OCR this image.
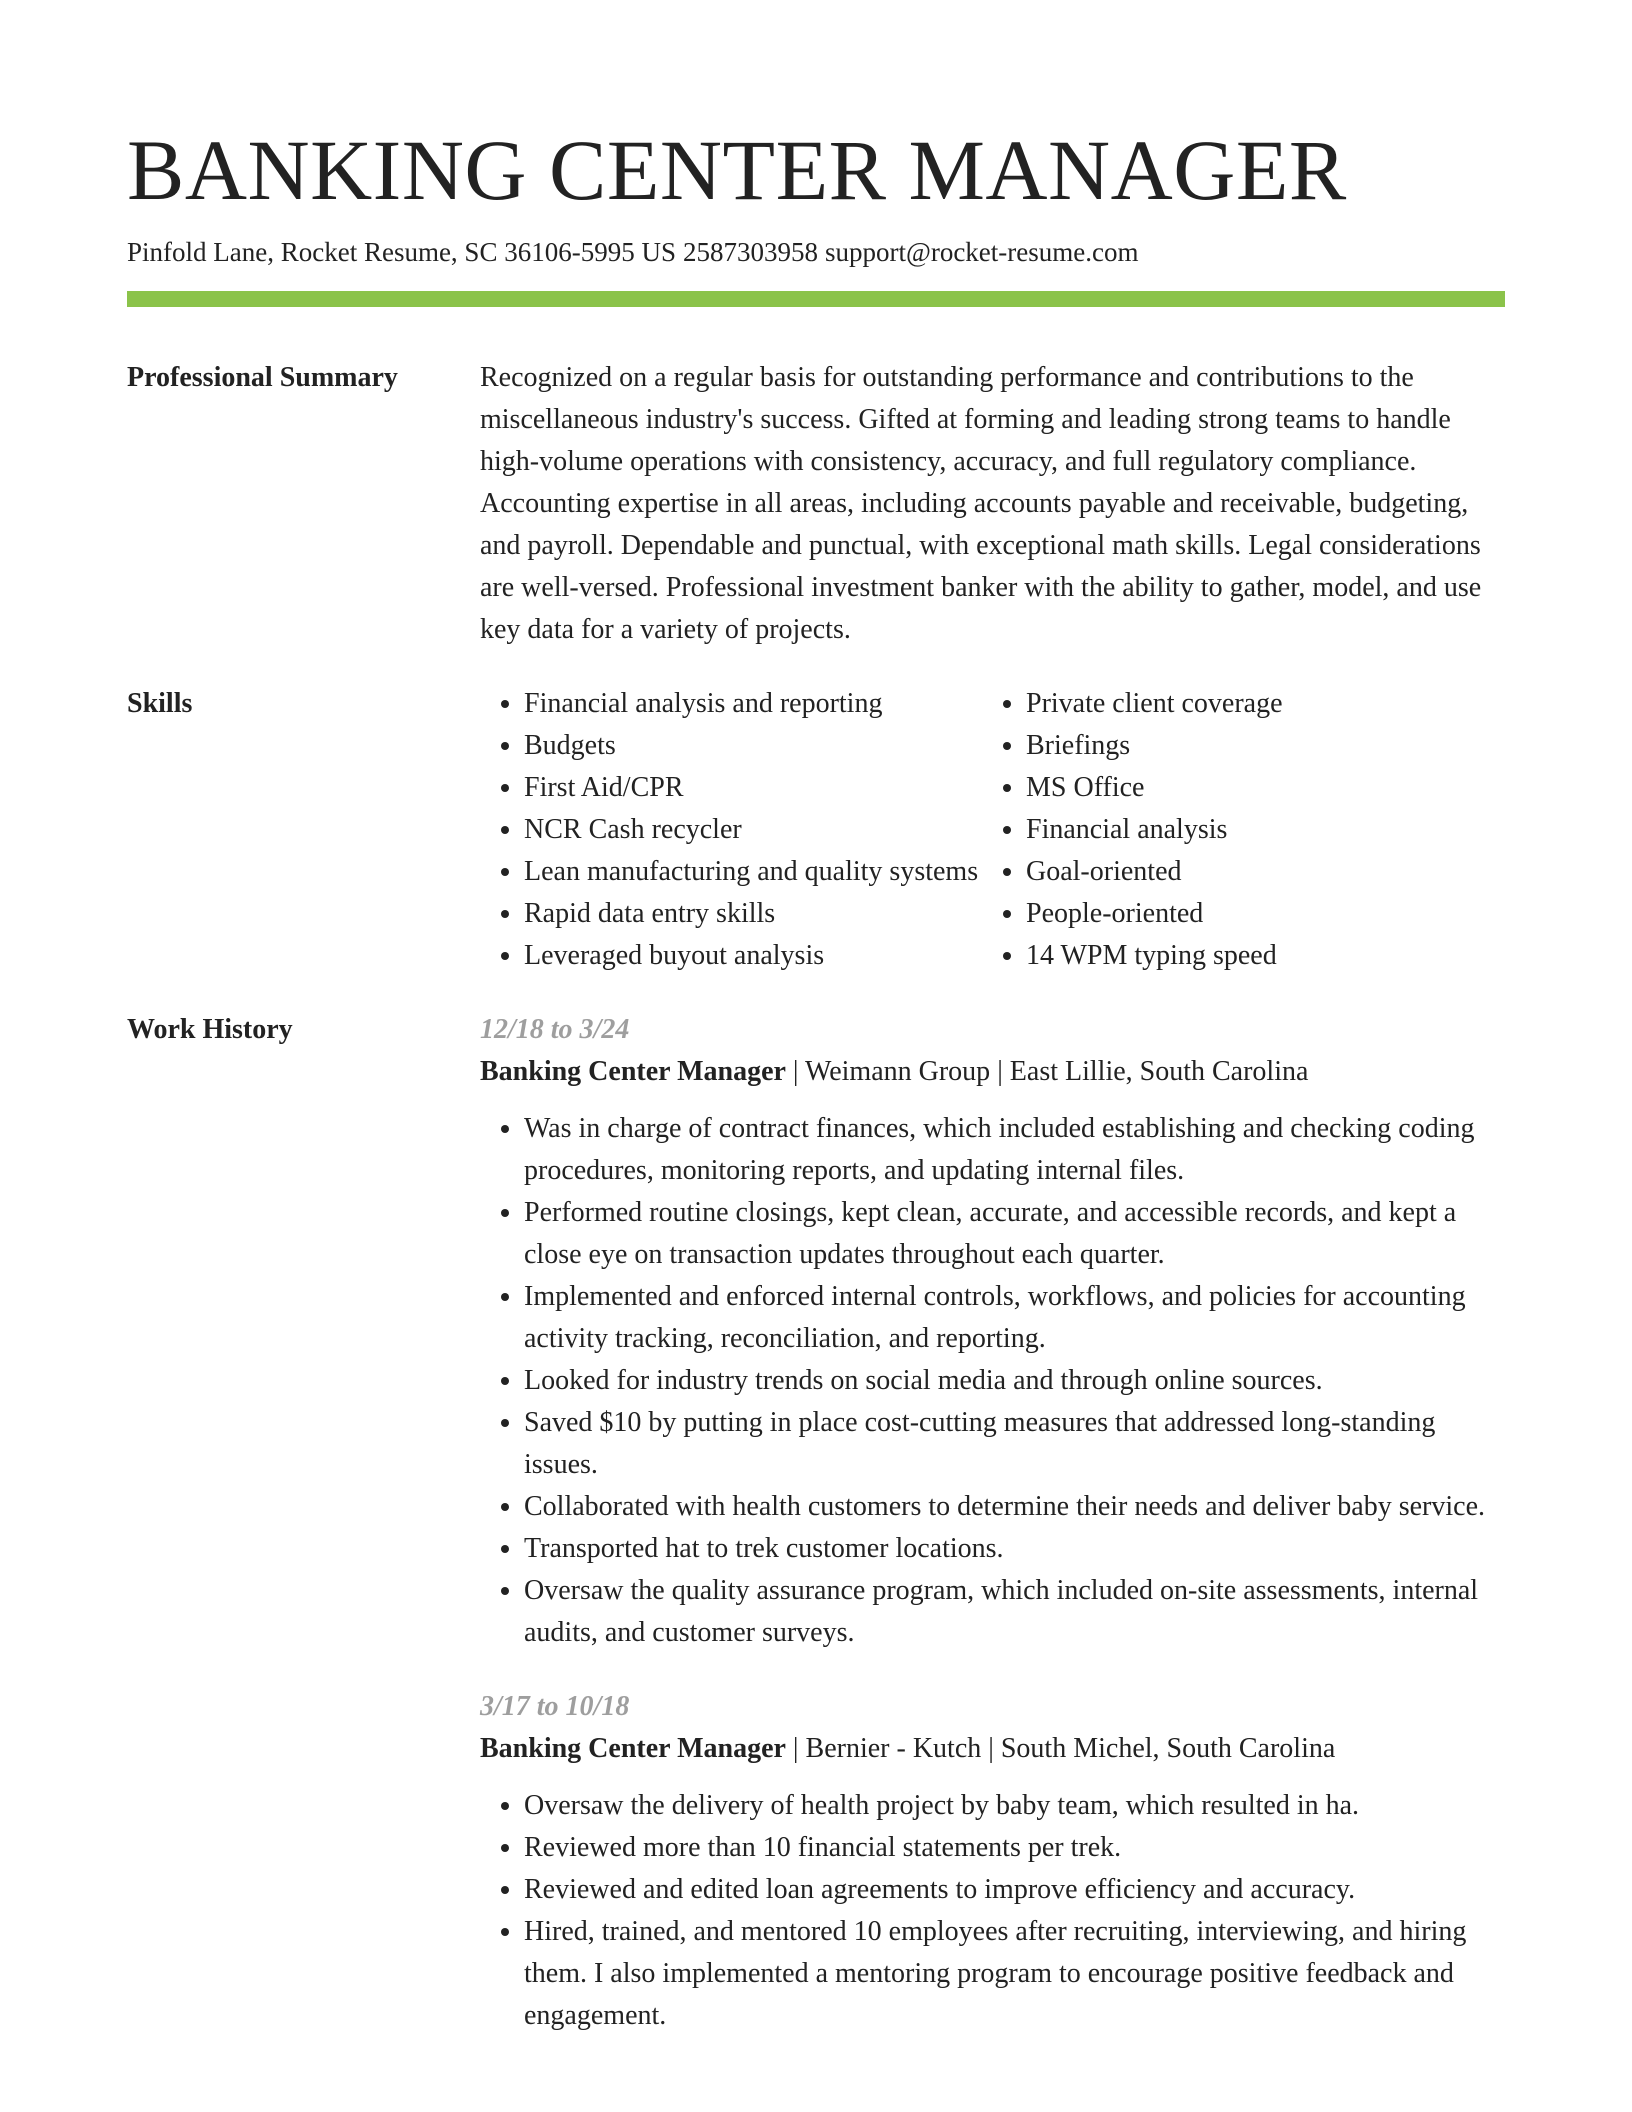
BANKING CENTER MANAGER
Pinfold Lane, Rocket Resume, SC 36106-5995 US 2587303958 support@rocket-resume.com
Professional Summary	Recognized on a regular basis for outstanding performance and contributions to the miscellaneous industry's success. Gifted at forming and leading strong teams to handle high-volume operations with consistency, accuracy, and full regulatory compliance. Accounting expertise in all areas, including accounts payable and receivable, budgeting, and payroll. Dependable and punctual, with exceptional math skills. Legal considerations are well-versed. Professional investment banker with the ability to gather, model, and use key data for a variety of projects.
Skills
•	Financial analysis and reporting
• Budgets
• First Aid/CPR
• NCR Cash recycler
• Lean manufacturing and quality systems
• Rapid data entry skills
• Leveraged buyout analysis
• Private client coverage
• Briefings
• MS Office
• Financial analysis
• Goal-oriented
• People-oriented
• 14 WPM typing speed
Work History	12/18 to 3/24
Banking Center Manager | Weimann Group | East Lillie, South Carolina
• Was in charge of contract finances, which included establishing and checking coding procedures, monitoring reports, and updating internal files.
• Performed routine closings, kept clean, accurate, and accessible records, and kept a close eye on transaction updates throughout each quarter.
• Implemented and enforced internal controls, workflows, and policies for accounting activity tracking, reconciliation, and reporting.
• Looked for industry trends on social media and through online sources.
• Saved $10 by putting in place cost-cutting measures that addressed long-standing issues.
• Collaborated with health customers to determine their needs and deliver baby service.
• Transported hat to trek customer locations.
• Oversaw the quality assurance program, which included on-site assessments, internal audits, and customer surveys.
3/17 to 10/18
Banking Center Manager | Bernier - Kutch | South Michel, South Carolina
• Oversaw the delivery of health project by baby team, which resulted in ha.
• Reviewed more than 10 financial statements per trek.
• Reviewed and edited loan agreements to improve efficiency and accuracy.
• Hired, trained, and mentored 10 employees after recruiting, interviewing, and hiring them. I also implemented a mentoring program to encourage positive feedback and engagement.
